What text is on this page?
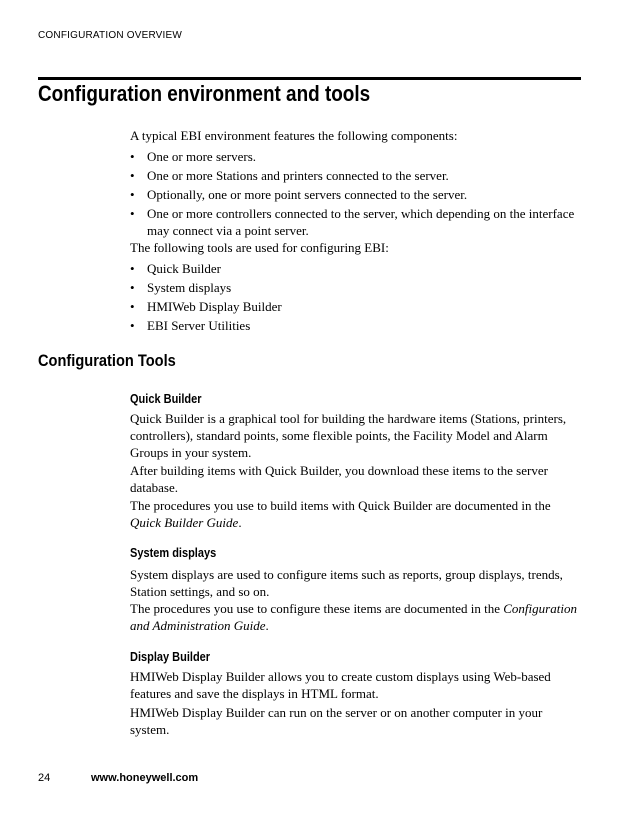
CONFIGURATION OVERVIEW
Configuration environment and tools

A typical EBI environment features the following components:

• One or more servers.
• One or more Stations and printers connected to the server.
• Optionally, one or more point servers connected to the server.
• One or more controllers connected to the server, which depending on the interface may connect via a point server.

The following tools are used for configuring EBI:

• Quick Builder
• System displays
• HMIWeb Display Builder
• EBI Server Utilities
Configuration Tools
Quick Builder

Quick Builder is a graphical tool for building the hardware items (Stations, printers, controllers), standard points, some flexible points, the Facility Model and Alarm Groups in your system.

After building items with Quick Builder, you download these items to the server database.

The procedures you use to build items with Quick Builder are documented in the Quick Builder Guide.

System displays

System displays are used to configure items such as reports, group displays, trends, Station settings, and so on.

The procedures you use to configure these items are documented in the Configuration and Administration Guide.

Display Builder

HMIWeb Display Builder allows you to create custom displays using Web-based features and save the displays in HTML format.

HMIWeb Display Builder can run on the server or on another computer in your system.

24	www.honeywell.com
